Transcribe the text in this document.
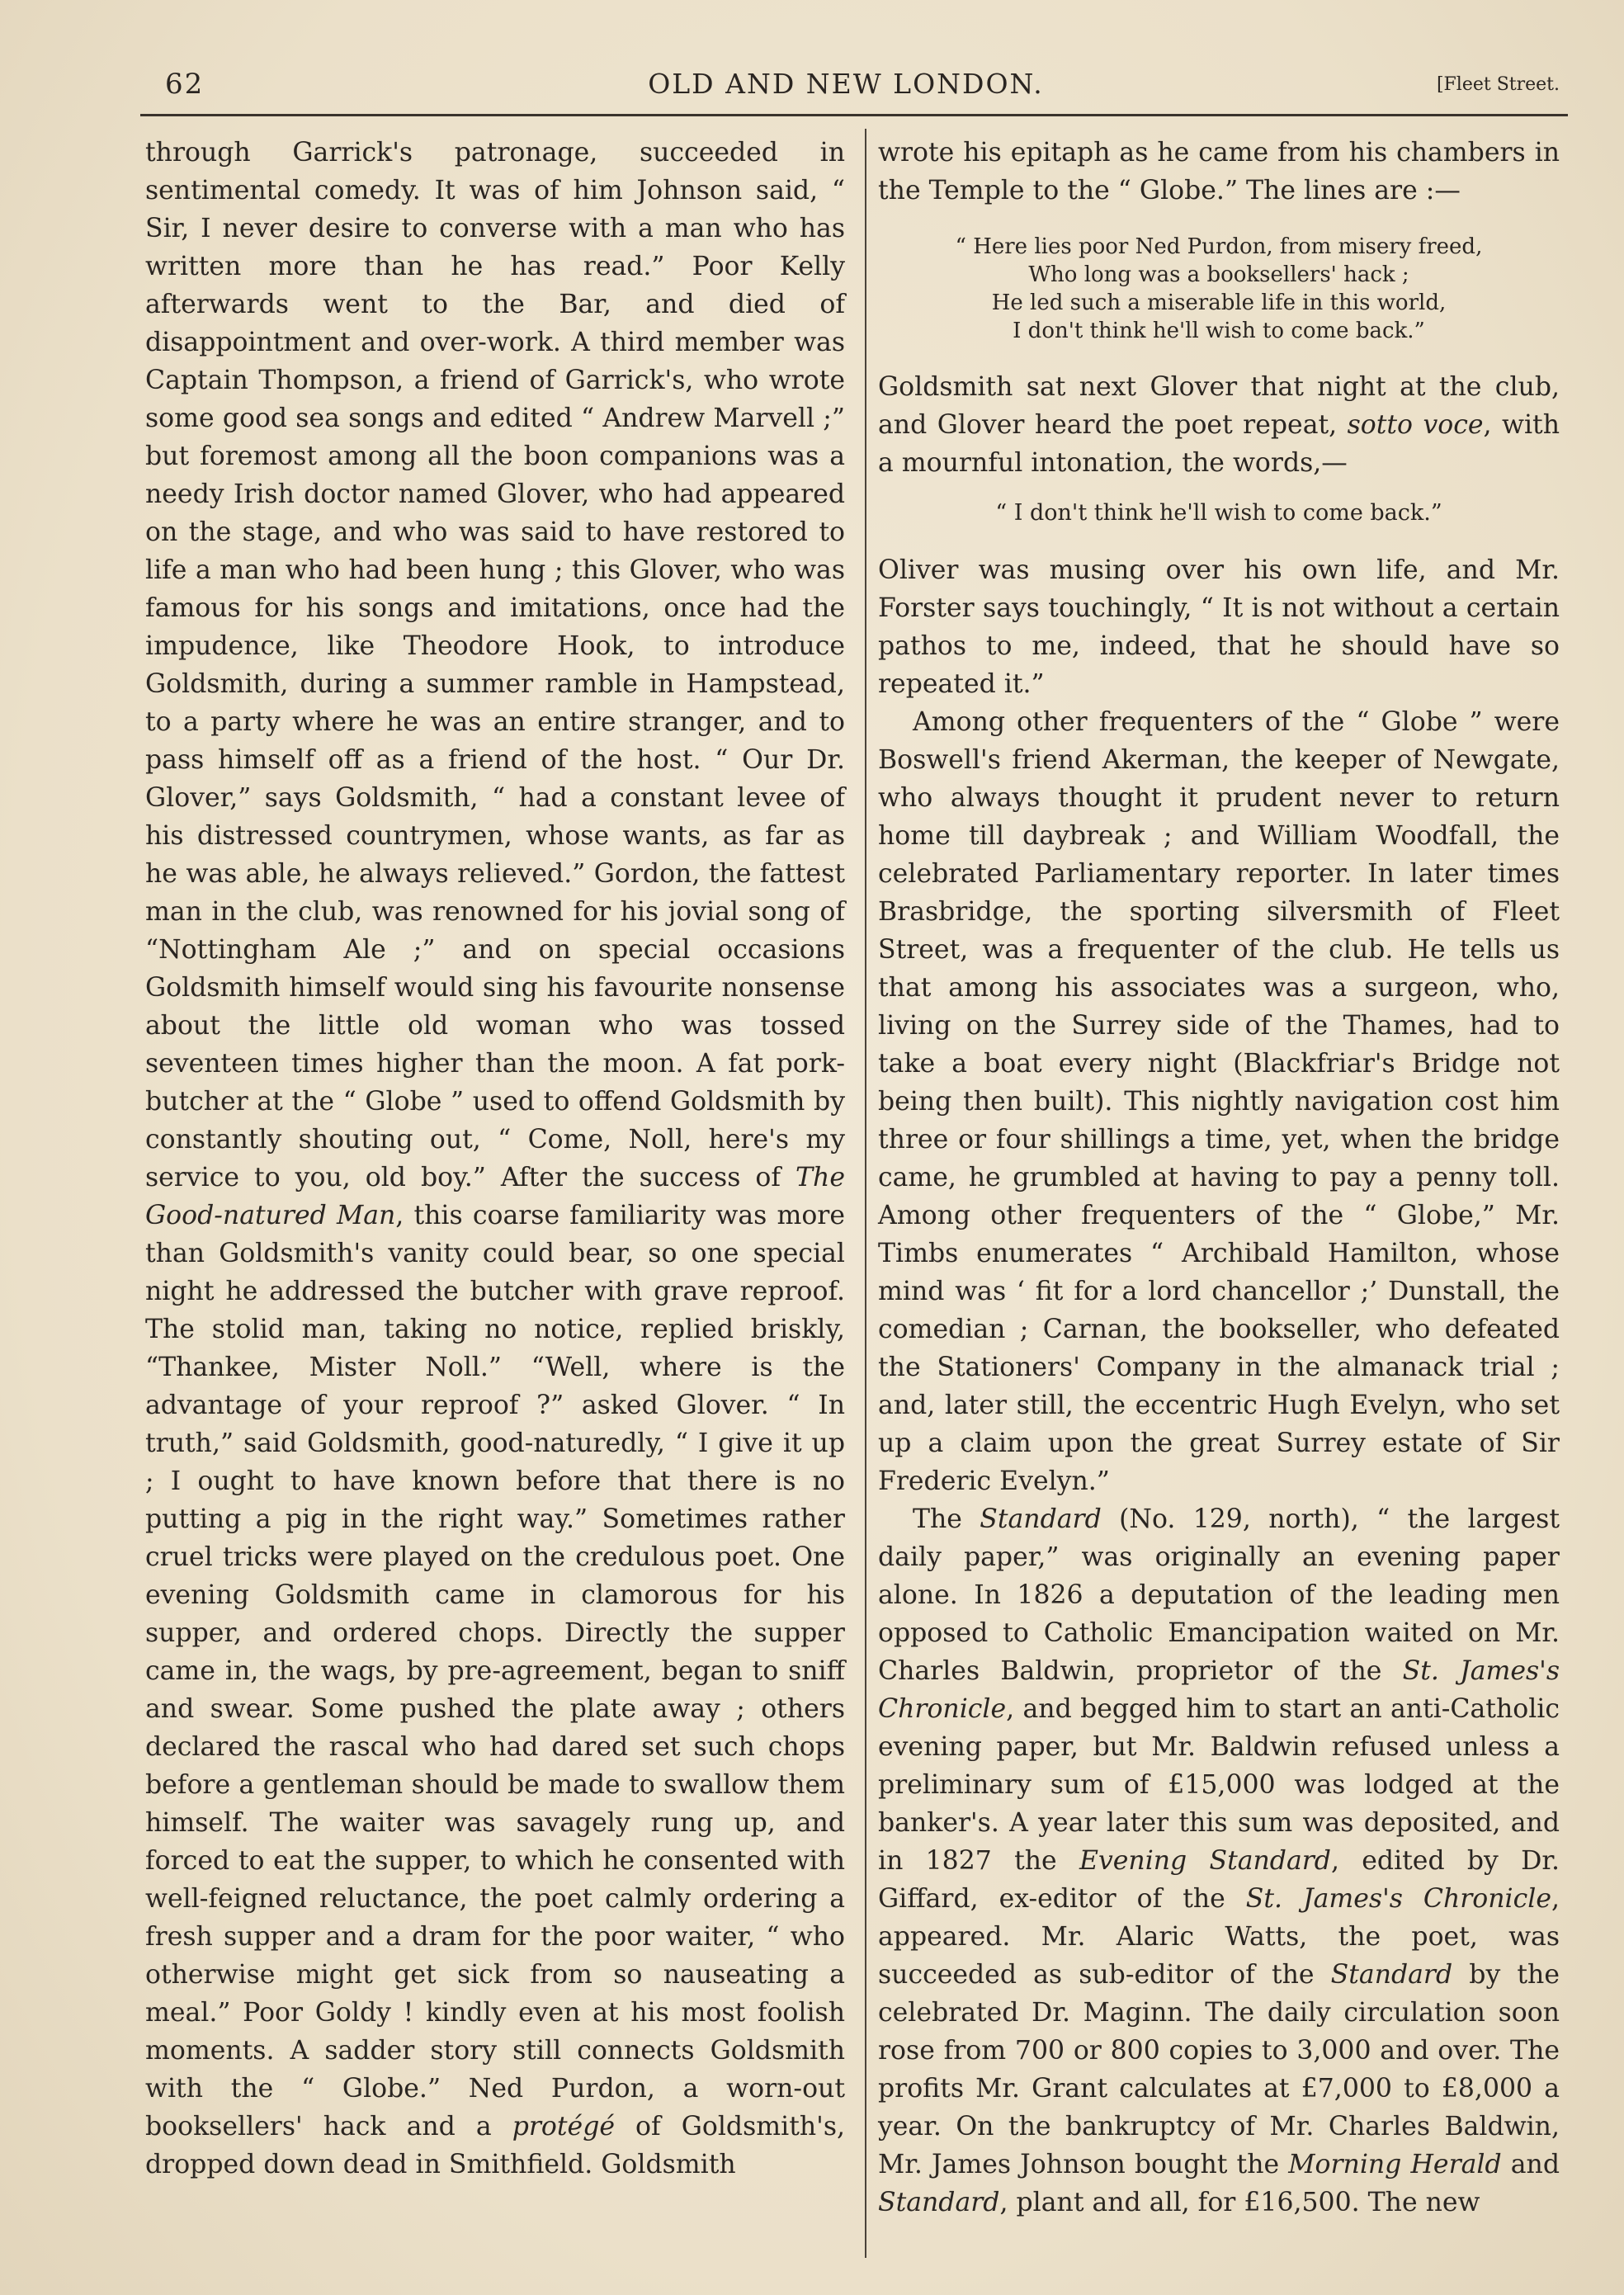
62	OLD AND NEW LONDON.	[Fleet Street.

through Garrick's patronage, succeeded in sentimental comedy. It was of him Johnson said, “ Sir, I never desire to converse with a man who has written more than he has read.” Poor Kelly afterwards went to the Bar, and died of disappointment and over-work. A third member was Captain Thompson, a friend of Garrick's, who wrote some good sea songs and edited “ Andrew Marvell ;” but foremost among all the boon companions was a needy Irish doctor named Glover, who had appeared on the stage, and who was said to have restored to life a man who had been hung ; this Glover, who was famous for his songs and imitations, once had the impudence, like Theodore Hook, to introduce Goldsmith, during a summer ramble in Hampstead, to a party where he was an entire stranger, and to pass himself off as a friend of the host. “ Our Dr. Glover,” says Goldsmith, “ had a constant levee of his distressed countrymen, whose wants, as far as he was able, he always relieved.” Gordon, the fattest man in the club, was renowned for his jovial song of “Nottingham Ale ;” and on special occasions Goldsmith himself would sing his favourite nonsense about the little old woman who was tossed seventeen times higher than the moon. A fat pork-butcher at the “ Globe ” used to offend Goldsmith by constantly shouting out, “ Come, Noll, here's my service to you, old boy.” After the success of The Good-natured Man, this coarse familiarity was more than Goldsmith's vanity could bear, so one special night he addressed the butcher with grave reproof. The stolid man, taking no notice, replied briskly, “Thankee, Mister Noll.” “Well, where is the advantage of your reproof ?” asked Glover. “ In truth,” said Goldsmith, good-naturedly, “ I give it up ; I ought to have known before that there is no putting a pig in the right way.” Sometimes rather cruel tricks were played on the credulous poet. One evening Goldsmith came in clamorous for his supper, and ordered chops. Directly the supper came in, the wags, by pre-agreement, began to sniff and swear. Some pushed the plate away ; others declared the rascal who had dared set such chops before a gentleman should be made to swallow them himself. The waiter was savagely rung up, and forced to eat the supper, to which he consented with well-feigned reluctance, the poet calmly ordering a fresh supper and a dram for the poor waiter, “ who otherwise might get sick from so nauseating a meal.” Poor Goldy ! kindly even at his most foolish moments. A sadder story still connects Goldsmith with the “ Globe.” Ned Purdon, a worn-out booksellers' hack and a protégé of Goldsmith's, dropped down dead in Smithfield. Goldsmith

wrote his epitaph as he came from his chambers in the Temple to the “ Globe.” The lines are :—

“ Here lies poor Ned Purdon, from misery freed,
Who long was a booksellers' hack ;
He led such a miserable life in this world,
I don't think he'll wish to come back.”

Goldsmith sat next Glover that night at the club, and Glover heard the poet repeat, sotto voce, with a mournful intonation, the words,—

“ I don't think he'll wish to come back.”

Oliver was musing over his own life, and Mr. Forster says touchingly, “ It is not without a certain pathos to me, indeed, that he should have so repeated it.”

Among other frequenters of the “ Globe ” were Boswell's friend Akerman, the keeper of Newgate, who always thought it prudent never to return home till daybreak ; and William Woodfall, the celebrated Parliamentary reporter. In later times Brasbridge, the sporting silversmith of Fleet Street, was a frequenter of the club. He tells us that among his associates was a surgeon, who, living on the Surrey side of the Thames, had to take a boat every night (Blackfriar's Bridge not being then built). This nightly navigation cost him three or four shillings a time, yet, when the bridge came, he grumbled at having to pay a penny toll. Among other frequenters of the “ Globe,” Mr. Timbs enumerates “ Archibald Hamilton, whose mind was ‘ fit for a lord chancellor ;’ Dunstall, the comedian ; Carnan, the bookseller, who defeated the Stationers' Company in the almanack trial ; and, later still, the eccentric Hugh Evelyn, who set up a claim upon the great Surrey estate of Sir Frederic Evelyn.”

The Standard (No. 129, north), “ the largest daily paper,” was originally an evening paper alone. In 1826 a deputation of the leading men opposed to Catholic Emancipation waited on Mr. Charles Baldwin, proprietor of the St. James's Chronicle, and begged him to start an anti-Catholic evening paper, but Mr. Baldwin refused unless a preliminary sum of £15,000 was lodged at the banker's. A year later this sum was deposited, and in 1827 the Evening Standard, edited by Dr. Giffard, ex-editor of the St. James's Chronicle, appeared. Mr. Alaric Watts, the poet, was succeeded as sub-editor of the Standard by the celebrated Dr. Maginn. The daily circulation soon rose from 700 or 800 copies to 3,000 and over. The profits Mr. Grant calculates at £7,000 to £8,000 a year. On the bankruptcy of Mr. Charles Baldwin, Mr. James Johnson bought the Morning Herald and Standard, plant and all, for £16,500. The new
